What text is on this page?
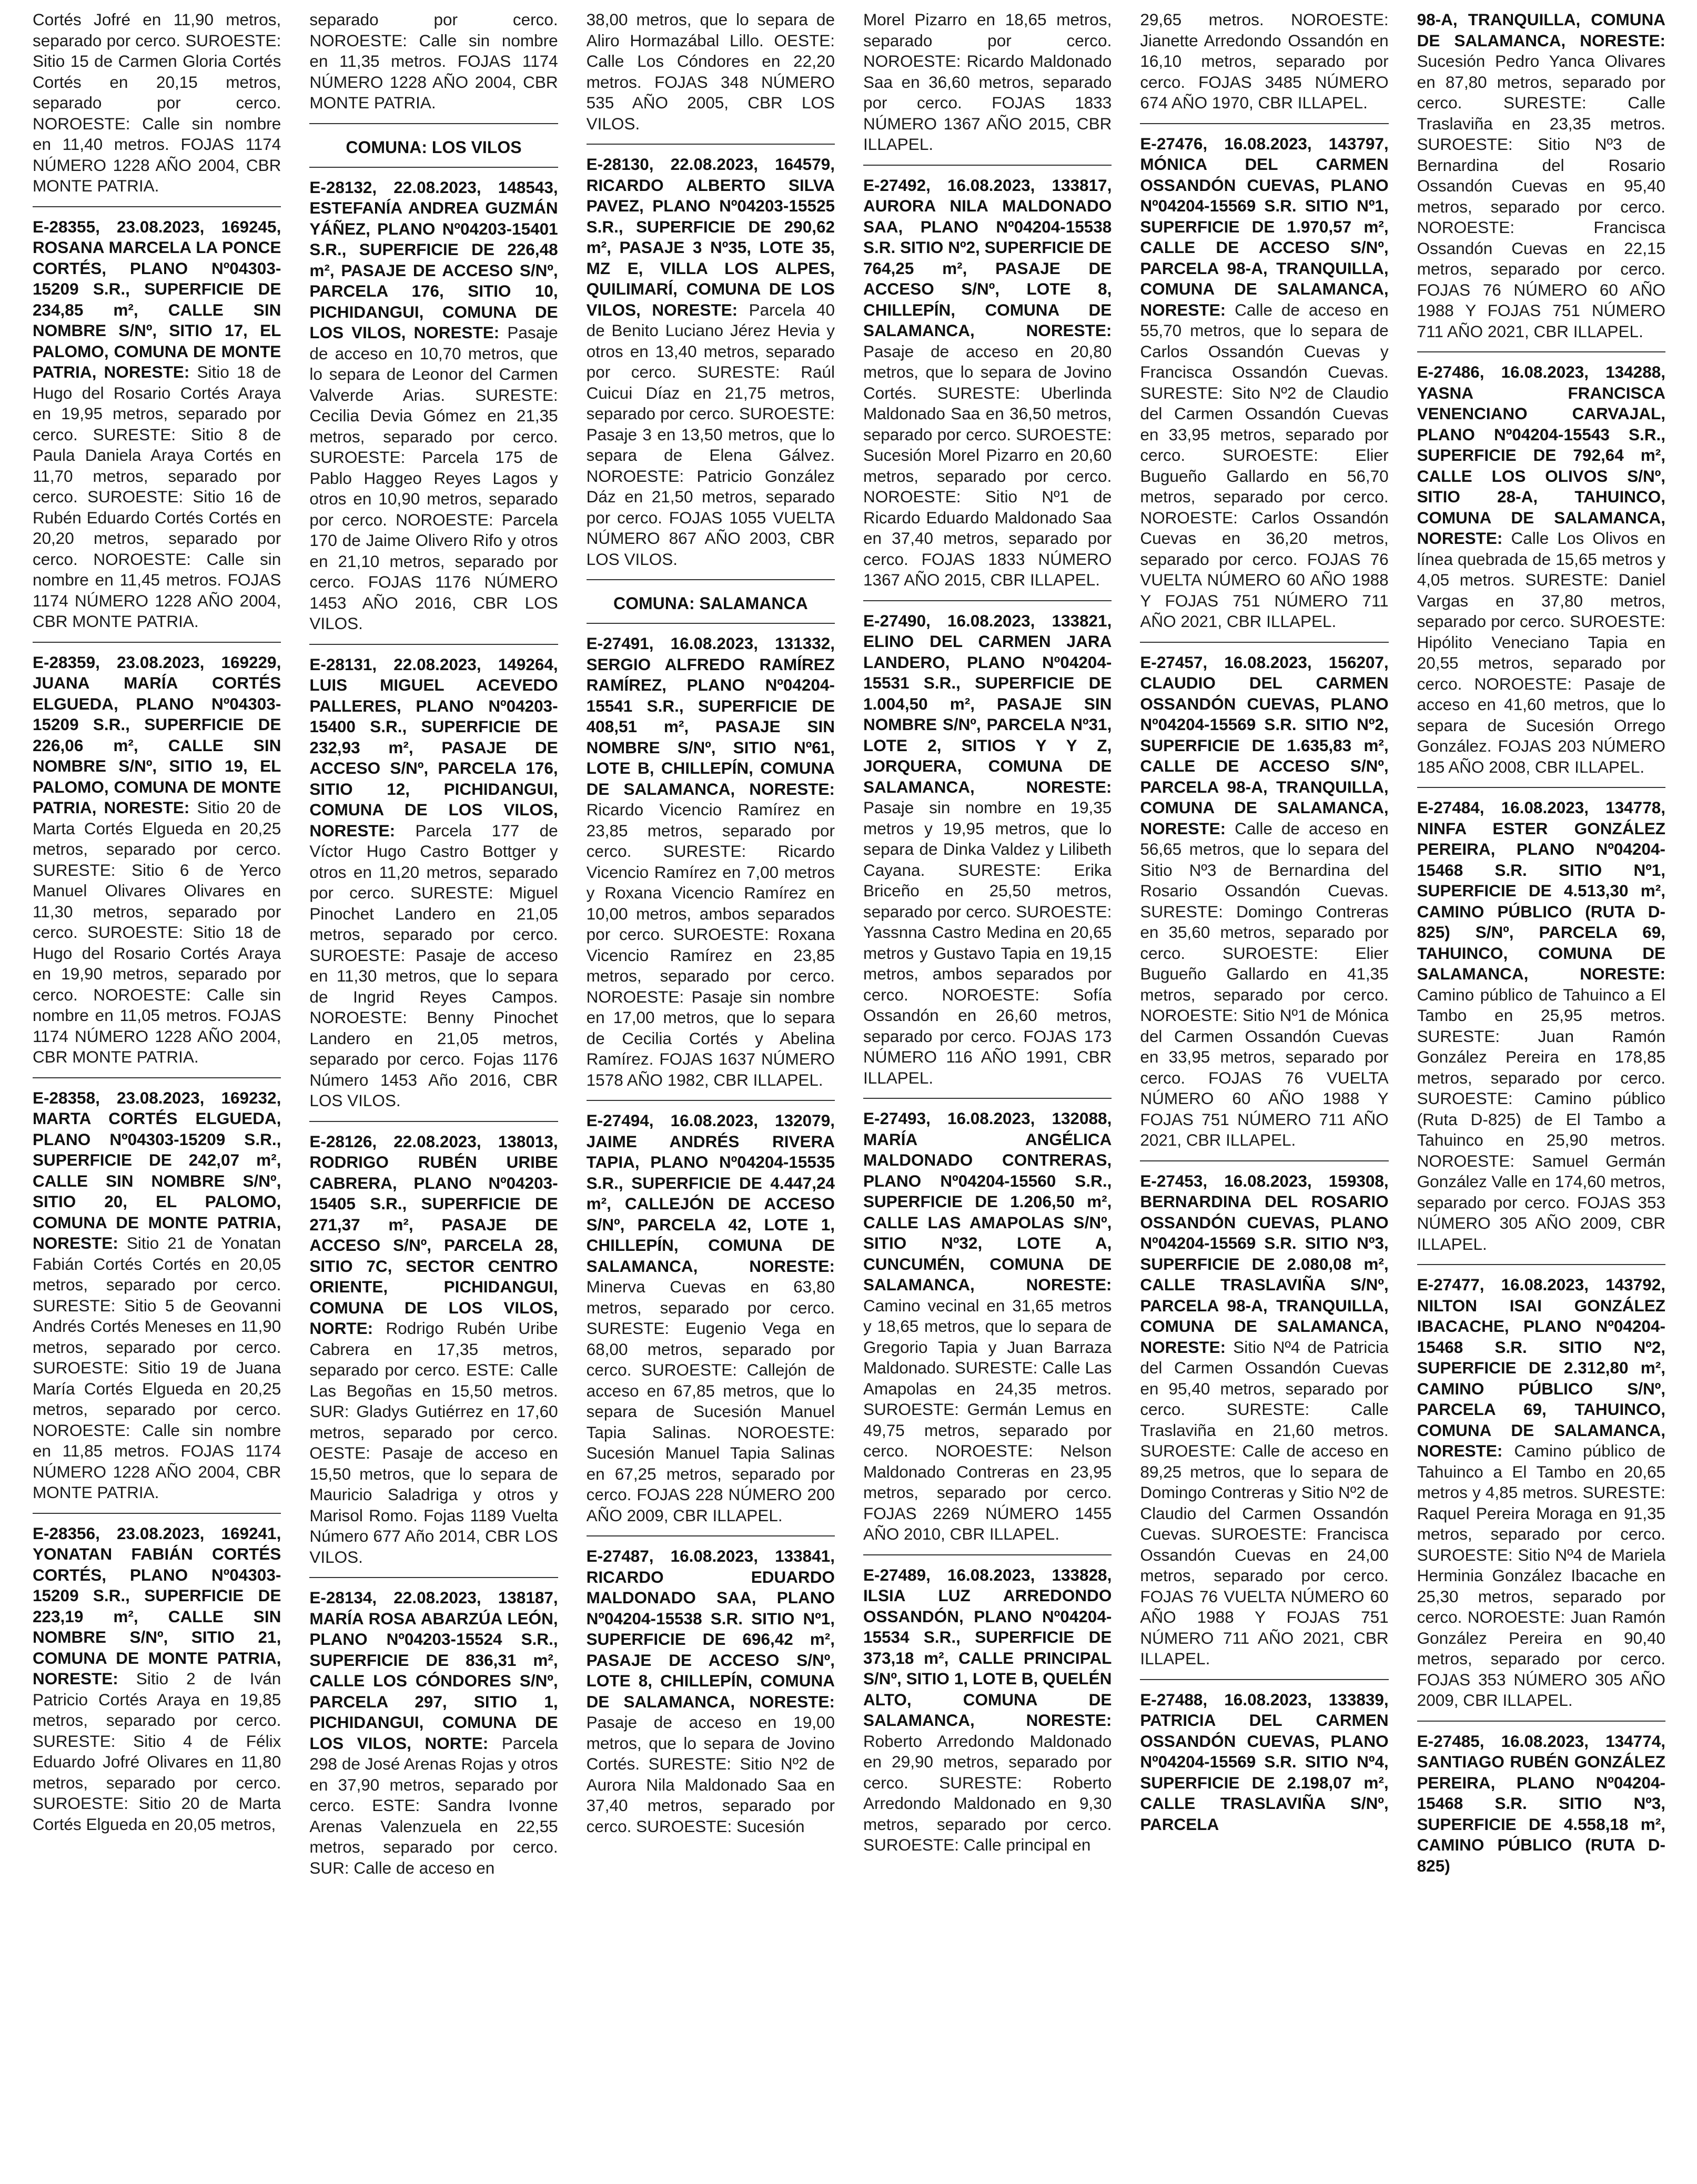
Cortés Jofré en 11,90 metros, separado por cerco. SUROESTE: Sitio 15 de Carmen Gloria Cortés Cortés en 20,15 metros, separado por cerco. NOROESTE: Calle sin nombre en 11,40 metros. FOJAS 1174 NÚMERO 1228 AÑO 2004, CBR MONTE PATRIA.
E-28355, 23.08.2023, 169245, ROSANA MARCELA LA PONCE CORTÉS, PLANO Nº04303-15209 S.R., SUPERFICIE DE 234,85 m², CALLE SIN NOMBRE S/Nº, SITIO 17, EL PALOMO, COMUNA DE MONTE PATRIA, NORESTE: Sitio 18 de Hugo del Rosario Cortés Araya en 19,95 metros, separado por cerco. SURESTE: Sitio 8 de Paula Daniela Araya Cortés en 11,70 metros, separado por cerco. SUROESTE: Sitio 16 de Rubén Eduardo Cortés Cortés en 20,20 metros, separado por cerco. NOROESTE: Calle sin nombre en 11,45 metros. FOJAS 1174 NÚMERO 1228 AÑO 2004, CBR MONTE PATRIA.
E-28359, 23.08.2023, 169229, JUANA MARÍA CORTÉS ELGUEDA, PLANO Nº04303-15209 S.R., SUPERFICIE DE 226,06 m², CALLE SIN NOMBRE S/Nº, SITIO 19, EL PALOMO, COMUNA DE MONTE PATRIA, NORESTE: Sitio 20 de Marta Cortés Elgueda en 20,25 metros, separado por cerco. SURESTE: Sitio 6 de Yerco Manuel Olivares Olivares en 11,30 metros, separado por cerco. SUROESTE: Sitio 18 de Hugo del Rosario Cortés Araya en 19,90 metros, separado por cerco. NOROESTE: Calle sin nombre en 11,05 metros. FOJAS 1174 NÚMERO 1228 AÑO 2004, CBR MONTE PATRIA.
E-28358, 23.08.2023, 169232, MARTA CORTÉS ELGUEDA, PLANO Nº04303-15209 S.R., SUPERFICIE DE 242,07 m², CALLE SIN NOMBRE S/Nº, SITIO 20, EL PALOMO, COMUNA DE MONTE PATRIA, NORESTE: Sitio 21 de Yonatan Fabián Cortés Cortés en 20,05 metros, separado por cerco. SURESTE: Sitio 5 de Geovanni Andrés Cortés Meneses en 11,90 metros, separado por cerco. SUROESTE: Sitio 19 de Juana María Cortés Elgueda en 20,25 metros, separado por cerco. NOROESTE: Calle sin nombre en 11,85 metros. FOJAS 1174 NÚMERO 1228 AÑO 2004, CBR MONTE PATRIA.
E-28356, 23.08.2023, 169241, YONATAN FABIÁN CORTÉS CORTÉS, PLANO Nº04303-15209 S.R., SUPERFICIE DE 223,19 m², CALLE SIN NOMBRE S/Nº, SITIO 21, COMUNA DE MONTE PATRIA, NORESTE: Sitio 2 de Iván Patricio Cortés Araya en 19,85 metros, separado por cerco. SURESTE: Sitio 4 de Félix Eduardo Jofré Olivares en 11,80 metros, separado por cerco. SUROESTE: Sitio 20 de Marta Cortés Elgueda en 20,05 metros,
separado por cerco. NOROESTE: Calle sin nombre en 11,35 metros. FOJAS 1174 NÚMERO 1228 AÑO 2004, CBR MONTE PATRIA.
COMUNA: LOS VILOS
E-28132, 22.08.2023, 148543, ESTEFANÍA ANDREA GUZMÁN YÁÑEZ, PLANO Nº04203-15401 S.R., SUPERFICIE DE 226,48 m², PASAJE DE ACCESO S/Nº, PARCELA 176, SITIO 10, PICHIDANGUI, COMUNA DE LOS VILOS, NORESTE: Pasaje de acceso en 10,70 metros, que lo separa de Leonor del Carmen Valverde Arias. SURESTE: Cecilia Devia Gómez en 21,35 metros, separado por cerco. SUROESTE: Parcela 175 de Pablo Haggeo Reyes Lagos y otros en 10,90 metros, separado por cerco. NOROESTE: Parcela 170 de Jaime Olivero Rifo y otros en 21,10 metros, separado por cerco. FOJAS 1176 NÚMERO 1453 AÑO 2016, CBR LOS VILOS.
E-28131, 22.08.2023, 149264, LUIS MIGUEL ACEVEDO PALLERES, PLANO Nº04203-15400 S.R., SUPERFICIE DE 232,93 m², PASAJE DE ACCESO S/Nº, PARCELA 176, SITIO 12, PICHIDANGUI, COMUNA DE LOS VILOS, NORESTE: Parcela 177 de Víctor Hugo Castro Bottger y otros en 11,20 metros, separado por cerco. SURESTE: Miguel Pinochet Landero en 21,05 metros, separado por cerco. SUROESTE: Pasaje de acceso en 11,30 metros, que lo separa de Ingrid Reyes Campos. NOROESTE: Benny Pinochet Landero en 21,05 metros, separado por cerco. Fojas 1176 Número 1453 Año 2016, CBR LOS VILOS.
E-28126, 22.08.2023, 138013, RODRIGO RUBÉN URIBE CABRERA, PLANO Nº04203-15405 S.R., SUPERFICIE DE 271,37 m², PASAJE DE ACCESO S/Nº, PARCELA 28, SITIO 7C, SECTOR CENTRO ORIENTE, PICHIDANGUI, COMUNA DE LOS VILOS, NORTE: Rodrigo Rubén Uribe Cabrera en 17,35 metros, separado por cerco. ESTE: Calle Las Begoñas en 15,50 metros. SUR: Gladys Gutiérrez en 17,60 metros, separado por cerco. OESTE: Pasaje de acceso en 15,50 metros, que lo separa de Mauricio Saladriga y otros y Marisol Romo. Fojas 1189 Vuelta Número 677 Año 2014, CBR LOS VILOS.
E-28134, 22.08.2023, 138187, MARÍA ROSA ABARZÚA LEÓN, PLANO Nº04203-15524 S.R., SUPERFICIE DE 836,31 m², CALLE LOS CÓNDORES S/Nº, PARCELA 297, SITIO 1, PICHIDANGUI, COMUNA DE LOS VILOS, NORTE: Parcela 298 de José Arenas Rojas y otros en 37,90 metros, separado por cerco. ESTE: Sandra Ivonne Arenas Valenzuela en 22,55 metros, separado por cerco. SUR: Calle de acceso en
38,00 metros, que lo separa de Aliro Hormazábal Lillo. OESTE: Calle Los Cóndores en 22,20 metros. FOJAS 348 NÚMERO 535 AÑO 2005, CBR LOS VILOS.
E-28130, 22.08.2023, 164579, RICARDO ALBERTO SILVA PAVEZ, PLANO Nº04203-15525 S.R., SUPERFICIE DE 290,62 m², PASAJE 3 Nº35, LOTE 35, MZ E, VILLA LOS ALPES, QUILIMARÍ, COMUNA DE LOS VILOS, NORESTE: Parcela 40 de Benito Luciano Jérez Hevia y otros en 13,40 metros, separado por cerco. SURESTE: Raúl Cuicui Díaz en 21,75 metros, separado por cerco. SUROESTE: Pasaje 3 en 13,50 metros, que lo separa de Elena Gálvez. NOROESTE: Patricio González Dáz en 21,50 metros, separado por cerco. FOJAS 1055 VUELTA NÚMERO 867 AÑO 2003, CBR LOS VILOS.
COMUNA: SALAMANCA
E-27491, 16.08.2023, 131332, SERGIO ALFREDO RAMÍREZ RAMÍREZ, PLANO Nº04204-15541 S.R., SUPERFICIE DE 408,51 m², PASAJE SIN NOMBRE S/Nº, SITIO Nº61, LOTE B, CHILLEPÍN, COMUNA DE SALAMANCA, NORESTE: Ricardo Vicencio Ramírez en 23,85 metros, separado por cerco. SURESTE: Ricardo Vicencio Ramírez en 7,00 metros y Roxana Vicencio Ramírez en 10,00 metros, ambos separados por cerco. SUROESTE: Roxana Vicencio Ramírez en 23,85 metros, separado por cerco. NOROESTE: Pasaje sin nombre en 17,00 metros, que lo separa de Cecilia Cortés y Abelina Ramírez. FOJAS 1637 NÚMERO 1578 AÑO 1982, CBR ILLAPEL.
E-27494, 16.08.2023, 132079, JAIME ANDRÉS RIVERA TAPIA, PLANO Nº04204-15535 S.R., SUPERFICIE DE 4.447,24 m², CALLEJÓN DE ACCESO S/Nº, PARCELA 42, LOTE 1, CHILLEPÍN, COMUNA DE SALAMANCA, NORESTE: Minerva Cuevas en 63,80 metros, separado por cerco. SURESTE: Eugenio Vega en 68,00 metros, separado por cerco. SUROESTE: Callejón de acceso en 67,85 metros, que lo separa de Sucesión Manuel Tapia Salinas. NOROESTE: Sucesión Manuel Tapia Salinas en 67,25 metros, separado por cerco. FOJAS 228 NÚMERO 200 AÑO 2009, CBR ILLAPEL.
E-27487, 16.08.2023, 133841, RICARDO EDUARDO MALDONADO SAA, PLANO Nº04204-15538 S.R. SITIO Nº1, SUPERFICIE DE 696,42 m², PASAJE DE ACCESO S/Nº, LOTE 8, CHILLEPÍN, COMUNA DE SALAMANCA, NORESTE: Pasaje de acceso en 19,00 metros, que lo separa de Jovino Cortés. SURESTE: Sitio Nº2 de Aurora Nila Maldonado Saa en 37,40 metros, separado por cerco. SUROESTE: Sucesión
Morel Pizarro en 18,65 metros, separado por cerco. NOROESTE: Ricardo Maldonado Saa en 36,60 metros, separado por cerco. FOJAS 1833 NÚMERO 1367 AÑO 2015, CBR ILLAPEL.
E-27492, 16.08.2023, 133817, AURORA NILA MALDONADO SAA, PLANO Nº04204-15538 S.R. SITIO Nº2, SUPERFICIE DE 764,25 m², PASAJE DE ACCESO S/Nº, LOTE 8, CHILLEPÍN, COMUNA DE SALAMANCA, NORESTE: Pasaje de acceso en 20,80 metros, que lo separa de Jovino Cortés. SURESTE: Uberlinda Maldonado Saa en 36,50 metros, separado por cerco. SUROESTE: Sucesión Morel Pizarro en 20,60 metros, separado por cerco. NOROESTE: Sitio Nº1 de Ricardo Eduardo Maldonado Saa en 37,40 metros, separado por cerco. FOJAS 1833 NÚMERO 1367 AÑO 2015, CBR ILLAPEL.
E-27490, 16.08.2023, 133821, ELINO DEL CARMEN JARA LANDERO, PLANO Nº04204-15531 S.R., SUPERFICIE DE 1.004,50 m², PASAJE SIN NOMBRE S/Nº, PARCELA Nº31, LOTE 2, SITIOS Y Y Z, JORQUERA, COMUNA DE SALAMANCA, NORESTE: Pasaje sin nombre en 19,35 metros y 19,95 metros, que lo separa de Dinka Valdez y Lilibeth Cayana. SURESTE: Erika Briceño en 25,50 metros, separado por cerco. SUROESTE: Yassnna Castro Medina en 20,65 metros y Gustavo Tapia en 19,15 metros, ambos separados por cerco. NOROESTE: Sofía Ossandón en 26,60 metros, separado por cerco. FOJAS 173 NÚMERO 116 AÑO 1991, CBR ILLAPEL.
E-27493, 16.08.2023, 132088, MARÍA ANGÉLICA MALDONADO CONTRERAS, PLANO Nº04204-15560 S.R., SUPERFICIE DE 1.206,50 m², CALLE LAS AMAPOLAS S/Nº, SITIO Nº32, LOTE A, CUNCUMÉN, COMUNA DE SALAMANCA, NORESTE: Camino vecinal en 31,65 metros y 18,65 metros, que lo separa de Gregorio Tapia y Juan Barraza Maldonado. SURESTE: Calle Las Amapolas en 24,35 metros. SUROESTE: Germán Lemus en 49,75 metros, separado por cerco. NOROESTE: Nelson Maldonado Contreras en 23,95 metros, separado por cerco. FOJAS 2269 NÚMERO 1455 AÑO 2010, CBR ILLAPEL.
E-27489, 16.08.2023, 133828, ILSIA LUZ ARREDONDO OSSANDÓN, PLANO Nº04204-15534 S.R., SUPERFICIE DE 373,18 m², CALLE PRINCIPAL S/Nº, SITIO 1, LOTE B, QUELÉN ALTO, COMUNA DE SALAMANCA, NORESTE: Roberto Arredondo Maldonado en 29,90 metros, separado por cerco. SURESTE: Roberto Arredondo Maldonado en 9,30 metros, separado por cerco. SUROESTE: Calle principal en
29,65 metros. NOROESTE: Jianette Arredondo Ossandón en 16,10 metros, separado por cerco. FOJAS 3485 NÚMERO 674 AÑO 1970, CBR ILLAPEL.
E-27476, 16.08.2023, 143797, MÓNICA DEL CARMEN OSSANDÓN CUEVAS, PLANO Nº04204-15569 S.R. SITIO Nº1, SUPERFICIE DE 1.970,57 m², CALLE DE ACCESO S/Nº, PARCELA 98-A, TRANQUILLA, COMUNA DE SALAMANCA, NORESTE: Calle de acceso en 55,70 metros, que lo separa de Carlos Ossandón Cuevas y Francisca Ossandón Cuevas. SURESTE: Sito Nº2 de Claudio del Carmen Ossandón Cuevas en 33,95 metros, separado por cerco. SUROESTE: Elier Bugueño Gallardo en 56,70 metros, separado por cerco. NOROESTE: Carlos Ossandón Cuevas en 36,20 metros, separado por cerco. FOJAS 76 VUELTA NÚMERO 60 AÑO 1988 Y FOJAS 751 NÚMERO 711 AÑO 2021, CBR ILLAPEL.
E-27457, 16.08.2023, 156207, CLAUDIO DEL CARMEN OSSANDÓN CUEVAS, PLANO Nº04204-15569 S.R. SITIO Nº2, SUPERFICIE DE 1.635,83 m², CALLE DE ACCESO S/Nº, PARCELA 98-A, TRANQUILLA, COMUNA DE SALAMANCA, NORESTE: Calle de acceso en 56,65 metros, que lo separa del Sitio Nº3 de Bernardina del Rosario Ossandón Cuevas. SURESTE: Domingo Contreras en 35,60 metros, separado por cerco. SUROESTE: Elier Bugueño Gallardo en 41,35 metros, separado por cerco. NOROESTE: Sitio Nº1 de Mónica del Carmen Ossandón Cuevas en 33,95 metros, separado por cerco. FOJAS 76 VUELTA NÚMERO 60 AÑO 1988 Y FOJAS 751 NÚMERO 711 AÑO 2021, CBR ILLAPEL.
E-27453, 16.08.2023, 159308, BERNARDINA DEL ROSARIO OSSANDÓN CUEVAS, PLANO Nº04204-15569 S.R. SITIO Nº3, SUPERFICIE DE 2.080,08 m², CALLE TRASLAVIÑA S/Nº, PARCELA 98-A, TRANQUILLA, COMUNA DE SALAMANCA, NORESTE: Sitio Nº4 de Patricia del Carmen Ossandón Cuevas en 95,40 metros, separado por cerco. SURESTE: Calle Traslaviña en 21,60 metros. SUROESTE: Calle de acceso en 89,25 metros, que lo separa de Domingo Contreras y Sitio Nº2 de Claudio del Carmen Ossandón Cuevas. SUROESTE: Francisca Ossandón Cuevas en 24,00 metros, separado por cerco. FOJAS 76 VUELTA NÚMERO 60 AÑO 1988 Y FOJAS 751 NÚMERO 711 AÑO 2021, CBR ILLAPEL.
E-27488, 16.08.2023, 133839, PATRICIA DEL CARMEN OSSANDÓN CUEVAS, PLANO Nº04204-15569 S.R. SITIO Nº4, SUPERFICIE DE 2.198,07 m², CALLE TRASLAVIÑA S/Nº, PARCELA
98-A, TRANQUILLA, COMUNA DE SALAMANCA, NORESTE: Sucesión Pedro Yanca Olivares en 87,80 metros, separado por cerco. SURESTE: Calle Traslaviña en 23,35 metros. SUROESTE: Sitio Nº3 de Bernardina del Rosario Ossandón Cuevas en 95,40 metros, separado por cerco. NOROESTE: Francisca Ossandón Cuevas en 22,15 metros, separado por cerco. FOJAS 76 NÚMERO 60 AÑO 1988 Y FOJAS 751 NÚMERO 711 AÑO 2021, CBR ILLAPEL.
E-27486, 16.08.2023, 134288, YASNA FRANCISCA VENENCIANO CARVAJAL, PLANO Nº04204-15543 S.R., SUPERFICIE DE 792,64 m², CALLE LOS OLIVOS S/Nº, SITIO 28-A, TAHUINCO, COMUNA DE SALAMANCA, NORESTE: Calle Los Olivos en línea quebrada de 15,65 metros y 4,05 metros. SURESTE: Daniel Vargas en 37,80 metros, separado por cerco. SUROESTE: Hipólito Veneciano Tapia en 20,55 metros, separado por cerco. NOROESTE: Pasaje de acceso en 41,60 metros, que lo separa de Sucesión Orrego González. FOJAS 203 NÚMERO 185 AÑO 2008, CBR ILLAPEL.
E-27484, 16.08.2023, 134778, NINFA ESTER GONZÁLEZ PEREIRA, PLANO Nº04204-15468 S.R. SITIO Nº1, SUPERFICIE DE 4.513,30 m², CAMINO PÚBLICO (RUTA D-825) S/Nº, PARCELA 69, TAHUINCO, COMUNA DE SALAMANCA, NORESTE: Camino público de Tahuinco a El Tambo en 25,95 metros. SURESTE: Juan Ramón González Pereira en 178,85 metros, separado por cerco. SUROESTE: Camino público (Ruta D-825) de El Tambo a Tahuinco en 25,90 metros. NOROESTE: Samuel Germán González Valle en 174,60 metros, separado por cerco. FOJAS 353 NÚMERO 305 AÑO 2009, CBR ILLAPEL.
E-27477, 16.08.2023, 143792, NILTON ISAI GONZÁLEZ IBACACHE, PLANO Nº04204-15468 S.R. SITIO Nº2, SUPERFICIE DE 2.312,80 m², CAMINO PÚBLICO S/Nº, PARCELA 69, TAHUINCO, COMUNA DE SALAMANCA, NORESTE: Camino público de Tahuinco a El Tambo en 20,65 metros y 4,85 metros. SURESTE: Raquel Pereira Moraga en 91,35 metros, separado por cerco. SUROESTE: Sitio Nº4 de Mariela Herminia González Ibacache en 25,30 metros, separado por cerco. NOROESTE: Juan Ramón González Pereira en 90,40 metros, separado por cerco. FOJAS 353 NÚMERO 305 AÑO 2009, CBR ILLAPEL.
E-27485, 16.08.2023, 134774, SANTIAGO RUBÉN GONZÁLEZ PEREIRA, PLANO Nº04204-15468 S.R. SITIO Nº3, SUPERFICIE DE 4.558,18 m², CAMINO PÚBLICO (RUTA D-825)
